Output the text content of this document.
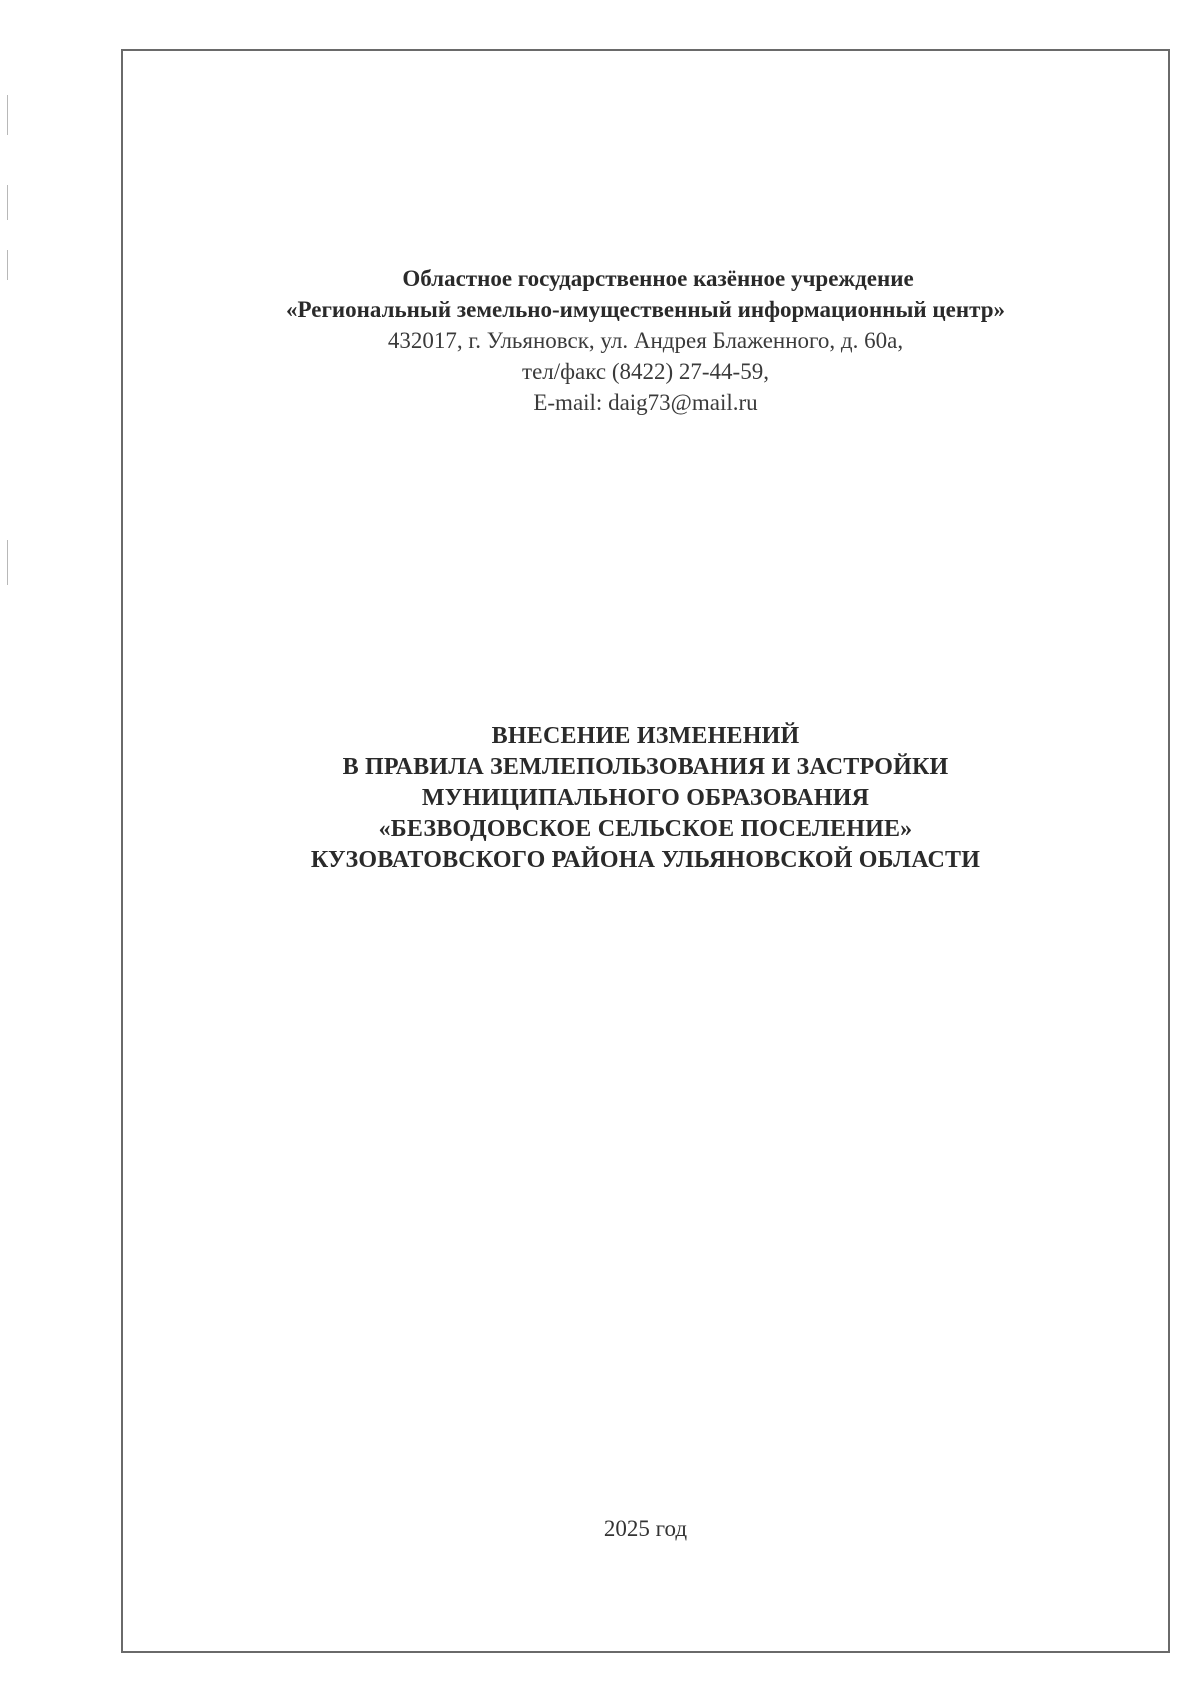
Областное государственное казённое учреждение
«Региональный земельно-имущественный информационный центр»
432017, г. Ульяновск, ул. Андрея Блаженного, д. 60а,
тел/факс (8422) 27-44-59,
E-mail: daig73@mail.ru
ВНЕСЕНИЕ ИЗМЕНЕНИЙ
В ПРАВИЛА ЗЕМЛЕПОЛЬЗОВАНИЯ И ЗАСТРОЙКИ
МУНИЦИПАЛЬНОГО ОБРАЗОВАНИЯ
«БЕЗВОДОВСКОЕ СЕЛЬСКОЕ ПОСЕЛЕНИЕ»
КУЗОВАТОВСКОГО РАЙОНА УЛЬЯНОВСКОЙ ОБЛАСТИ
2025 год
